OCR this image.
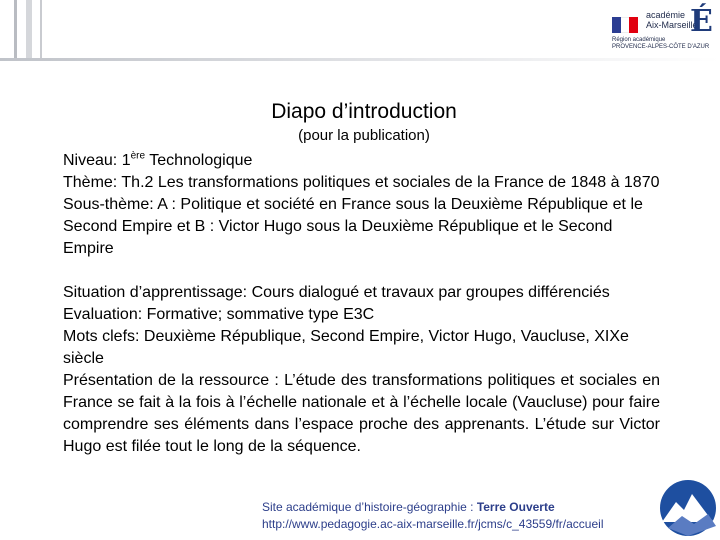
académie
Aix-Marseille
É
Région académique
PROVENCE-ALPES-CÔTE D'AZUR
Diapo d’introduction
(pour la publication)

Niveau: 1ère Technologique

Thème: Th.2 Les transformations politiques et sociales de la France de 1848 à 1870

Sous-thème: A : Politique et société en France sous la Deuxième République et le Second Empire et B : Victor Hugo sous la Deuxième République et le Second Empire

Situation d’apprentissage: Cours dialogué et travaux par groupes différenciés

Evaluation: Formative; sommative type E3C

Mots clefs: Deuxième République, Second Empire, Victor Hugo, Vaucluse, XIXe siècle

Présentation de la ressource : L’étude des transformations politiques et sociales en France se fait à la fois à l’échelle nationale et à l’échelle locale (Vaucluse) pour faire comprendre ses éléments dans l’espace proche des apprenants. L’étude sur Victor Hugo est filée tout le long de la séquence.

Site académique d’histoire-géographie : Terre Ouverte
http://www.pedagogie.ac-aix-marseille.fr/jcms/c_43559/fr/accueil
